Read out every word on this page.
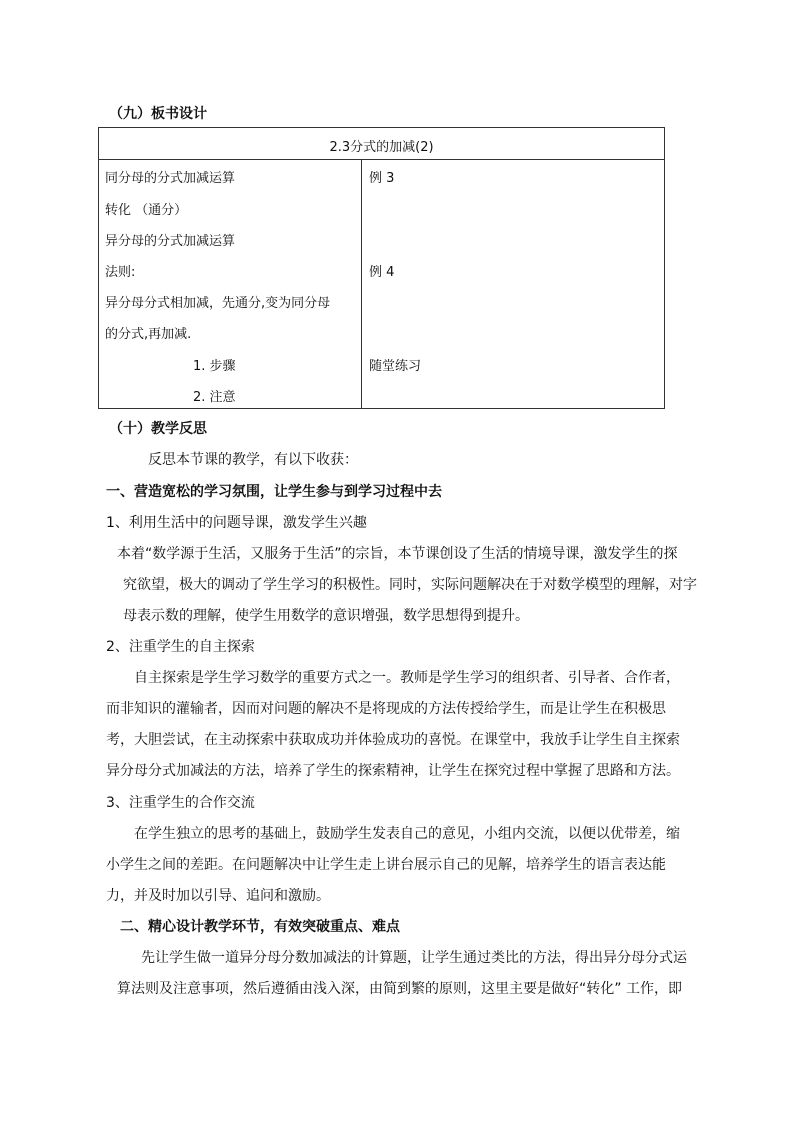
（九）板书设计
2.3分式的加减(2)
同分母的分式加减运算
转化 （通分）
异分母的分式加减运算
法则:
异分母分式相加减，先通分,变为同分母
的分式,再加减.
1. 步骤
2. 注意
例 3
例 4
随堂练习
（十）教学反思
反思本节课的教学，有以下收获：
一、营造宽松的学习氛围，让学生参与到学习过程中去
1、利用生活中的问题导课，激发学生兴趣
本着“数学源于生活，又服务于生活”的宗旨，本节课创设了生活的情境导课，激发学生的探
究欲望，极大的调动了学生学习的积极性。同时，实际问题解决在于对数学模型的理解，对字
母表示数的理解，使学生用数学的意识增强，数学思想得到提升。
2、注重学生的自主探索
自主探索是学生学习数学的重要方式之一。教师是学生学习的组织者、引导者、合作者，
而非知识的灌输者，因而对问题的解决不是将现成的方法传授给学生，而是让学生在积极思
考，大胆尝试，在主动探索中获取成功并体验成功的喜悦。在课堂中，我放手让学生自主探索
异分母分式加减法的方法，培养了学生的探索精神，让学生在探究过程中掌握了思路和方法。
3、注重学生的合作交流
在学生独立的思考的基础上，鼓励学生发表自己的意见，小组内交流，以便以优带差，缩
小学生之间的差距。在问题解决中让学生走上讲台展示自己的见解，培养学生的语言表达能
力，并及时加以引导、追问和激励。
二、精心设计教学环节，有效突破重点、难点
先让学生做一道异分母分数加减法的计算题，让学生通过类比的方法，得出异分母分式运
算法则及注意事项，然后遵循由浅入深，由简到繁的原则，这里主要是做好“转化” 工作，即
